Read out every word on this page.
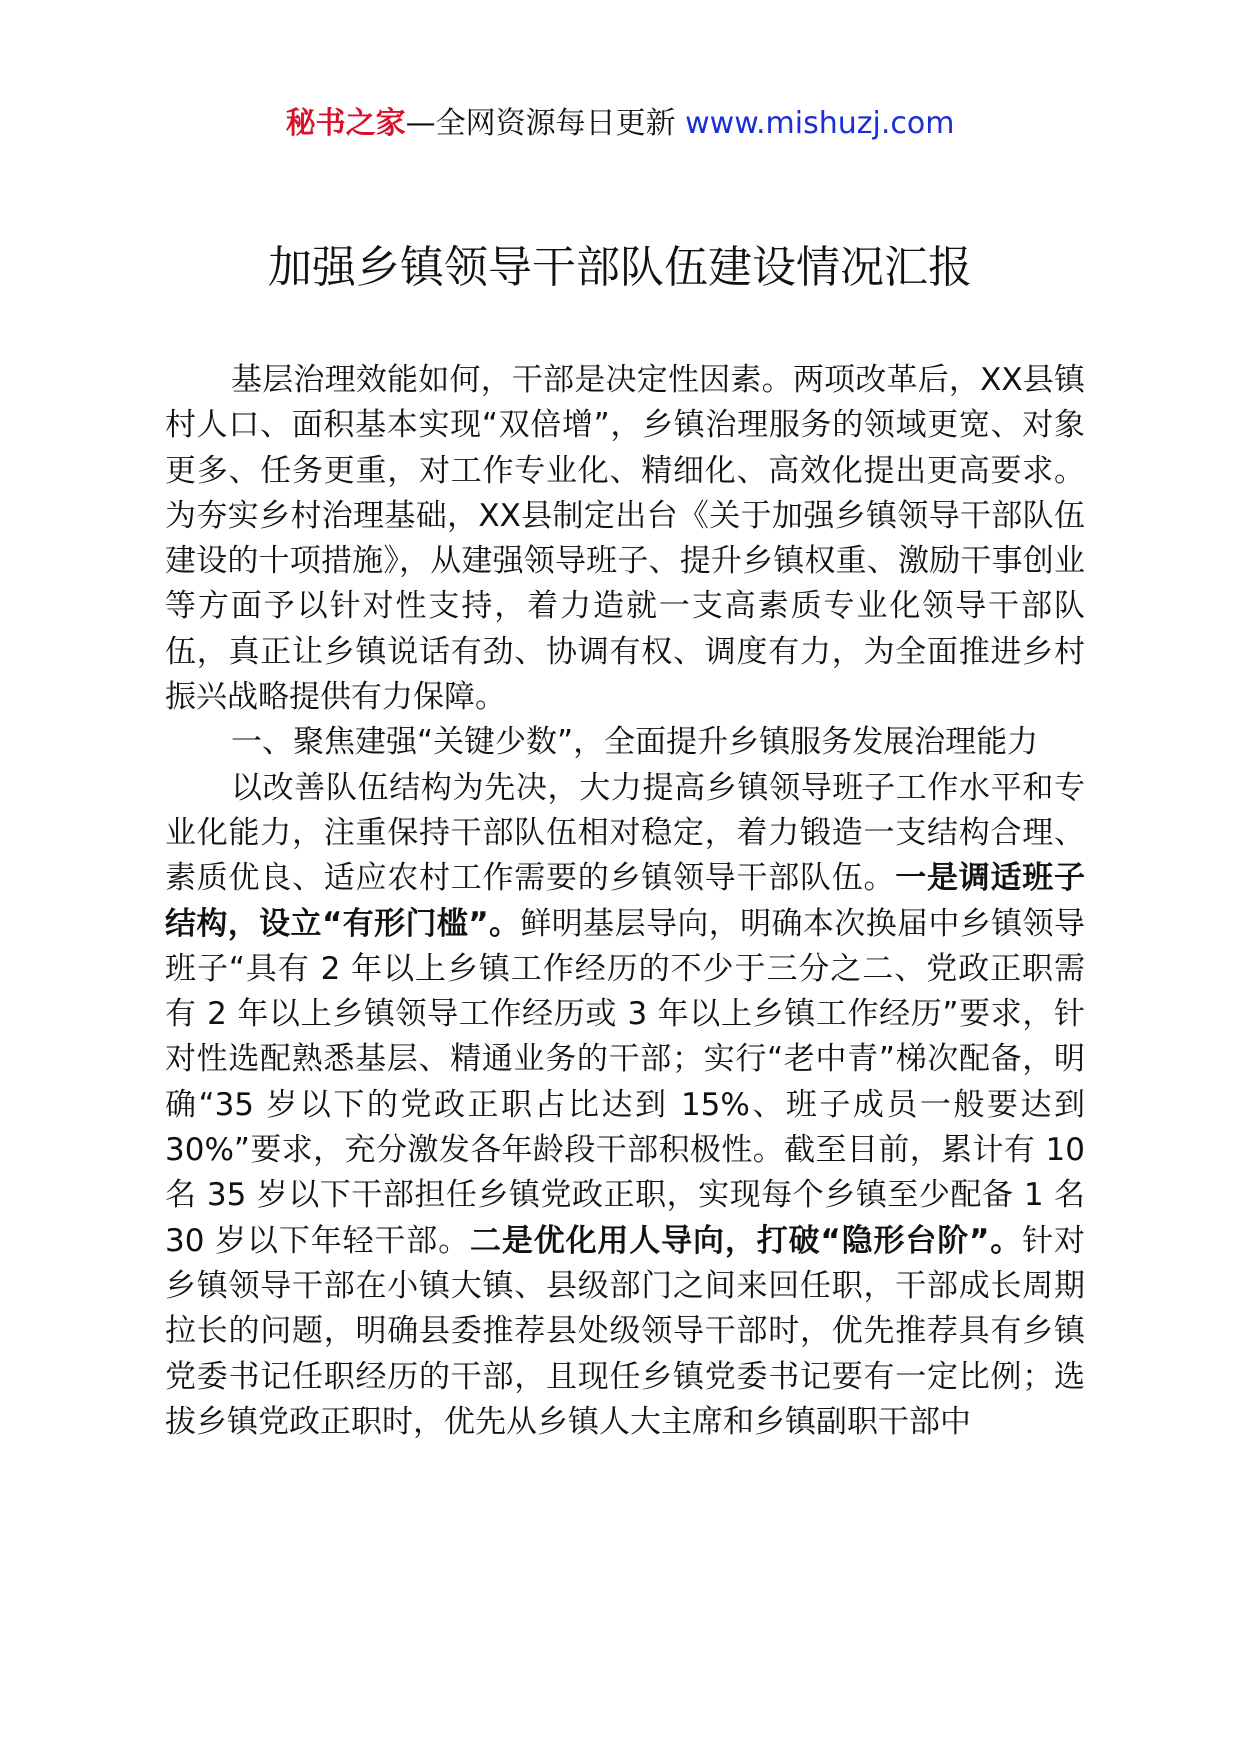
秘书之家—全网资源每日更新 www.mishuzj.com
加强乡镇领导干部队伍建设情况汇报

基层治理效能如何，干部是决定性因素。两项改革后，XX县镇村人口、面积基本实现“双倍增”，乡镇治理服务的领域更宽、对象更多、任务更重，对工作专业化、精细化、高效化提出更高要求。为夯实乡村治理基础，XX县制定出台《关于加强乡镇领导干部队伍建设的十项措施》，从建强领导班子、提升乡镇权重、激励干事创业等方面予以针对性支持，着力造就一支高素质专业化领导干部队伍，真正让乡镇说话有劲、协调有权、调度有力，为全面推进乡村振兴战略提供有力保障。

一、聚焦建强“关键少数”，全面提升乡镇服务发展治理能力

以改善队伍结构为先决，大力提高乡镇领导班子工作水平和专业化能力，注重保持干部队伍相对稳定，着力锻造一支结构合理、素质优良、适应农村工作需要的乡镇领导干部队伍。一是调适班子结构，设立“有形门槛”。鲜明基层导向，明确本次换届中乡镇领导班子“具有 2 年以上乡镇工作经历的不少于三分之二、党政正职需有 2 年以上乡镇领导工作经历或 3 年以上乡镇工作经历”要求，针对性选配熟悉基层、精通业务的干部；实行“老中青”梯次配备，明确“35 岁以下的党政正职占比达到 15%、班子成员一般要达到 30%”要求，充分激发各年龄段干部积极性。截至目前，累计有 10 名 35 岁以下干部担任乡镇党政正职，实现每个乡镇至少配备 1 名 30 岁以下年轻干部。二是优化用人导向，打破“隐形台阶”。针对乡镇领导干部在小镇大镇、县级部门之间来回任职，干部成长周期拉长的问题，明确县委推荐县处级领导干部时，优先推荐具有乡镇党委书记任职经历的干部，且现任乡镇党委书记要有一定比例；选拔乡镇党政正职时，优先从乡镇人大主席和乡镇副职干部中
